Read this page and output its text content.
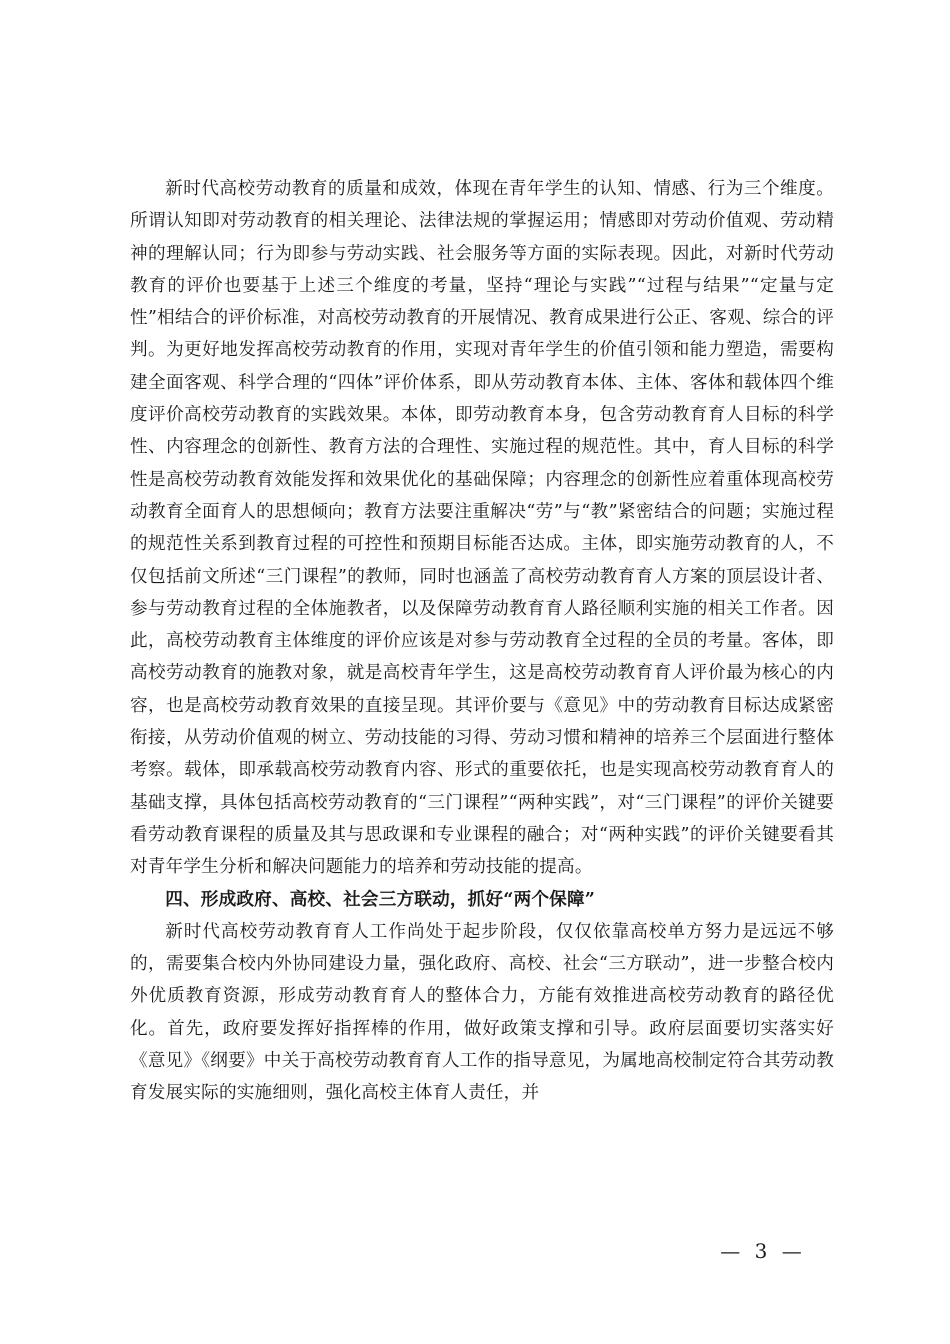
新时代高校劳动教育的质量和成效，体现在青年学生的认知、情感、行为三个维度。所谓认知即对劳动教育的相关理论、法律法规的掌握运用；情感即对劳动价值观、劳动精神的理解认同；行为即参与劳动实践、社会服务等方面的实际表现。因此，对新时代劳动教育的评价也要基于上述三个维度的考量，坚持“理论与实践”“过程与结果”“定量与定性”相结合的评价标准，对高校劳动教育的开展情况、教育成果进行公正、客观、综合的评判。为更好地发挥高校劳动教育的作用，实现对青年学生的价值引领和能力塑造，需要构建全面客观、科学合理的“四体”评价体系，即从劳动教育本体、主体、客体和载体四个维度评价高校劳动教育的实践效果。本体，即劳动教育本身，包含劳动教育育人目标的科学性、内容理念的创新性、教育方法的合理性、实施过程的规范性。其中，育人目标的科学性是高校劳动教育效能发挥和效果优化的基础保障；内容理念的创新性应着重体现高校劳动教育全面育人的思想倾向；教育方法要注重解决“劳”与“教”紧密结合的问题；实施过程的规范性关系到教育过程的可控性和预期目标能否达成。主体，即实施劳动教育的人，不仅包括前文所述“三门课程”的教师，同时也涵盖了高校劳动教育育人方案的顶层设计者、参与劳动教育过程的全体施教者，以及保障劳动教育育人路径顺利实施的相关工作者。因此，高校劳动教育主体维度的评价应该是对参与劳动教育全过程的全员的考量。客体，即高校劳动教育的施教对象，就是高校青年学生，这是高校劳动教育育人评价最为核心的内容，也是高校劳动教育效果的直接呈现。其评价要与《意见》中的劳动教育目标达成紧密衔接，从劳动价值观的树立、劳动技能的习得、劳动习惯和精神的培养三个层面进行整体考察。载体，即承载高校劳动教育内容、形式的重要依托，也是实现高校劳动教育育人的基础支撑，具体包括高校劳动教育的“三门课程”“两种实践”，对“三门课程”的评价关键要看劳动教育课程的质量及其与思政课和专业课程的融合；对“两种实践”的评价关键要看其对青年学生分析和解决问题能力的培养和劳动技能的提高。

四、形成政府、高校、社会三方联动，抓好“两个保障”

新时代高校劳动教育育人工作尚处于起步阶段，仅仅依靠高校单方努力是远远不够的，需要集合校内外协同建设力量，强化政府、高校、社会“三方联动”，进一步整合校内外优质教育资源，形成劳动教育育人的整体合力，方能有效推进高校劳动教育的路径优化。首先，政府要发挥好指挥棒的作用，做好政策支撑和引导。政府层面要切实落实好《意见》《纲要》中关于高校劳动教育育人工作的指导意见，为属地高校制定符合其劳动教育发展实际的实施细则，强化高校主体育人责任，并

— 3 —
